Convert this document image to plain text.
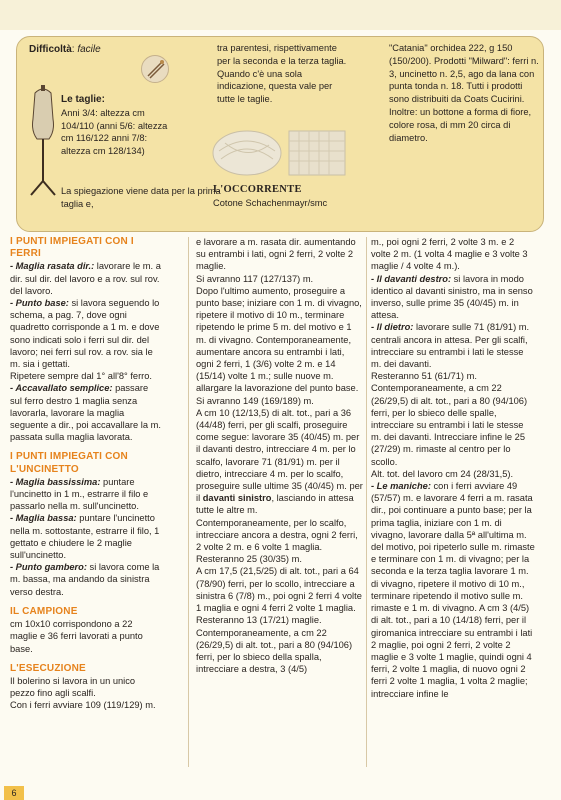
Difficoltà: facile

Le taglie:
Anni 3/4: altezza cm 104/110 (anni 5/6: altezza cm 116/122 anni 7/8: altezza cm 128/134)

La spiegazione viene data per la prima taglia e,

tra parentesi, rispettivamente per la seconda e la terza taglia. Quando c'è una sola indicazione, questa vale per tutte le taglie.

L'OCCORRENTE
Cotone Schachenmayr/smc

"Catania" orchidea 222, g 150 (150/200). Prodotti "Milward": ferri n. 3, uncinetto n. 2,5, ago da lana con punta tonda n. 18. Tutti i prodotti sono distribuiti da Coats Cucirini. Inoltre: un bottone a forma di fiore, colore rosa, di mm 20 circa di diametro.

I PUNTI IMPIEGATI CON I FERRI
- Maglia rasata dir.: lavorare le m. a dir. sul dir. del lavoro e a rov. sul rov. del lavoro.
- Punto base: si lavora seguendo lo schema, a pag. 7, dove ogni quadretto corrisponde a 1 m. e dove sono indicati solo i ferri sul dir. del lavoro; nei ferri sul rov. a rov. sia le m. sia i gettati.
Ripetere sempre dal 1° all'8° ferro.
- Accavallato semplice: passare sul ferro destro 1 maglia senza lavorarla, lavorare la maglia seguente a dir., poi accavallare la m. passata sulla maglia lavorata.
I PUNTI IMPIEGATI CON L'UNCINETTO
- Maglia bassissima: puntare l'uncinetto in 1 m., estrarre il filo e passarlo nella m. sull'uncinetto.
- Maglia bassa: puntare l'uncinetto nella m. sottostante, estrarre il filo, 1 gettato e chiudere le 2 maglie sull'uncinetto.
- Punto gambero: si lavora come la m. bassa, ma andando da sinistra verso destra.
IL CAMPIONE
cm 10x10 corrispondono a 22 maglie e 36 ferri lavorati a punto base.
L'ESECUZIONE
Il bolerino si lavora in un unico pezzo fino agli scalfi.
Con i ferri avviare 109 (119/129) m.
e lavorare a m. rasata dir. aumentando su entrambi i lati, ogni 2 ferri, 2 volte 2 maglie.
Si avranno 117 (127/137) m.
Dopo l'ultimo aumento, proseguire a punto base; iniziare con 1 m. di vivagno, ripetere il motivo di 10 m., terminare ripetendo le prime 5 m. del motivo e 1 m. di vivagno. Contemporaneamente, aumentare ancora su entrambi i lati, ogni 2 ferri, 1 (3/6) volte 2 m. e 14 (15/14) volte 1 m.; sulle nuove m. allargare la lavorazione del punto base.
Si avranno 149 (169/189) m.
A cm 10 (12/13,5) di alt. tot., pari a 36 (44/48) ferri, per gli scalfi, proseguire come segue: lavorare 35 (40/45) m. per il davanti destro, intrecciare 4 m. per lo scalfo, lavorare 71 (81/91) m. per il dietro, intrecciare 4 m. per lo scalfo, proseguire sulle ultime 35 (40/45) m. per il davanti sinistro, lasciando in attesa tutte le altre m.
Contemporaneamente, per lo scalfo, intrecciare ancora a destra, ogni 2 ferri, 2 volte 2 m. e 6 volte 1 maglia.
Resteranno 25 (30/35) m.
A cm 17,5 (21,5/25) di alt. tot., pari a 64 (78/90) ferri, per lo scollo, intrecciare a sinistra 6 (7/8) m., poi ogni 2 ferri 4 volte 1 maglia e ogni 4 ferri 2 volte 1 maglia.
Resteranno 13 (17/21) maglie.
Contemporaneamente, a cm 22 (26/29,5) di alt. tot., pari a 80 (94/106) ferri, per lo sbieco della spalla, intrecciare a destra, 3 (4/5)
m., poi ogni 2 ferri, 2 volte 3 m. e 2 volte 2 m. (1 volta 4 maglie e 3 volte 3 maglie / 4 volte 4 m.).
- Il davanti destro: si lavora in modo identico al davanti sinistro, ma in senso inverso, sulle prime 35 (40/45) m. in attesa.
- Il dietro: lavorare sulle 71 (81/91) m. centrali ancora in attesa. Per gli scalfi, intrecciare su entrambi i lati le stesse m. dei davanti.
Resteranno 51 (61/71) m.
Contemporaneamente, a cm 22 (26/29,5) di alt. tot., pari a 80 (94/106) ferri, per lo sbieco delle spalle, intrecciare su entrambi i lati le stesse m. dei davanti. Intrecciare infine le 25 (27/29) m. rimaste al centro per lo scollo.
Alt. tot. del lavoro cm 24 (28/31,5).
- Le maniche: con i ferri avviare 49 (57/57) m. e lavorare 4 ferri a m. rasata dir., poi continuare a punto base; per la prima taglia, iniziare con 1 m. di vivagno, lavorare dalla 5ª all'ultima m. del motivo, poi ripeterlo sulle m. rimaste e terminare con 1 m. di vivagno; per la seconda e la terza taglia lavorare 1 m. di vivagno, ripetere il motivo di 10 m., terminare ripetendo il motivo sulle m. rimaste e 1 m. di vivagno. A cm 3 (4/5) di alt. tot., pari a 10 (14/18) ferri, per il giromanica intrecciare su entrambi i lati 2 maglie, poi ogni 2 ferri, 2 volte 2 maglie e 3 volte 1 maglie, quindi ogni 4 ferri, 2 volte 1 maglia, di nuovo ogni 2 ferri 2 volte 1 maglia, 1 volta 2 maglie; intrecciare infine le
6
